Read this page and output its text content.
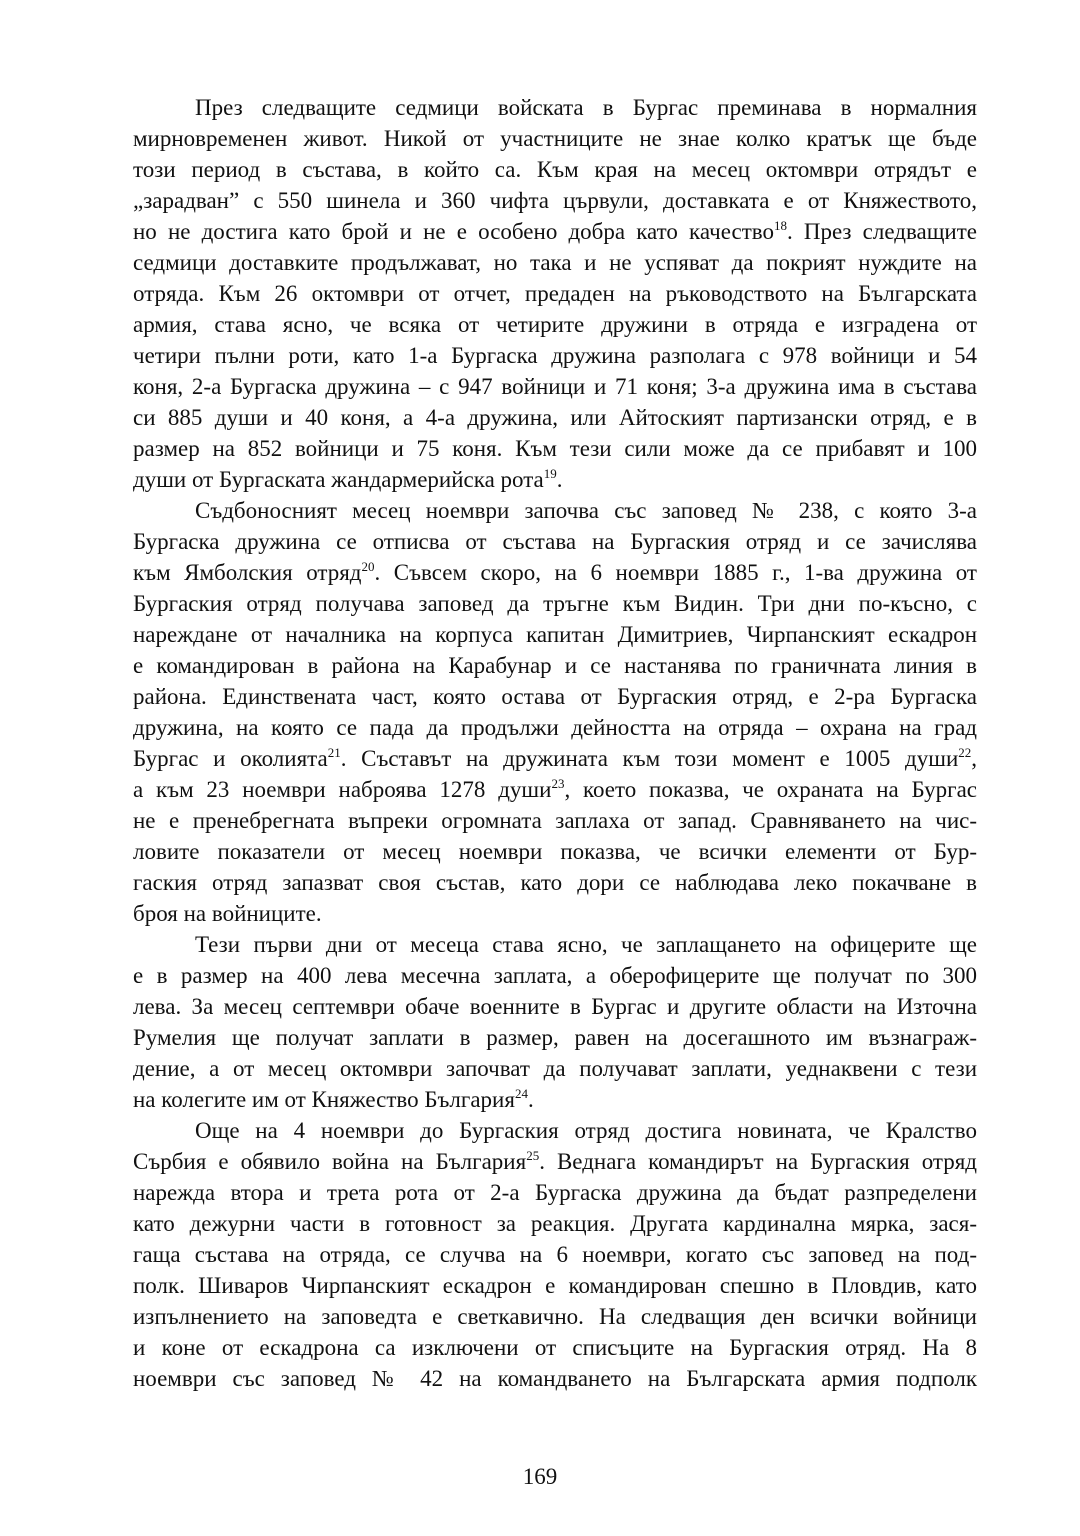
През следващите седмици войската в Бургас преминава в нормалния
мирновременен живот. Никой от участниците не знае колко кратък ще бъде
този период в състава, в който са. Към края на месец октомври отрядът е
„зарадван” с 550 шинела и 360 чифта цървули, доставката е от Княжеството,
но не достига като брой и не е особено добра като качество$^{18}$. През следващите
седмици доставките продължават, но така и не успяват да покрият нуждите на
отряда. Към 26 октомври от отчет, предаден на ръководството на Българската
армия, става ясно, че всяка от четирите дружини в отряда е изградена от
четири пълни роти, като 1-а Бургаска дружина разполага с 978 войници и 54
коня, 2-а Бургаска дружина – с 947 войници и 71 коня; 3-а дружина има в състава
си 885 души и 40 коня, а 4-а дружина, или Айтоският партизански отряд, е в
размер на 852 войници и 75 коня. Към тези сили може да се прибавят и 100
души от Бургаската жандармерийска рота$^{19}$.
Съдбоносният месец ноември започва със заповед № 238, с която 3-а
Бургаска дружина се отписва от състава на Бургаския отряд и се зачислява
към Ямболския отряд$^{20}$. Съвсем скоро, на 6 ноември 1885 г., 1-ва дружина от
Бургаския отряд получава заповед да тръгне към Видин. Три дни по-късно, с
нареждане от началника на корпуса капитан Димитриев, Чирпанският ескадрон
е командирован в района на Карабунар и се настанява по граничната линия в
района. Единствената част, която остава от Бургаския отряд, е 2-ра Бургаска
дружина, на която се пада да продължи дейността на отряда – охрана на град
Бургас и околията$^{21}$. Съставът на дружината към този момент е 1005 души$^{22}$,
а към 23 ноември наброява 1278 души$^{23}$, което показва, че охраната на Бургас
не е пренебрегната въпреки огромната заплаха от запад. Сравняването на чис-
ловите показатели от месец ноември показва, че всички елементи от Бур-
гаския отряд запазват своя състав, като дори се наблюдава леко покачване в
броя на войниците.
Тези първи дни от месеца става ясно, че заплащането на офицерите ще
е в размер на 400 лева месечна заплата, а оберофицерите ще получат по 300
лева. За месец септември обаче военните в Бургас и другите области на Източна
Румелия ще получат заплати в размер, равен на досегашното им възнаграж-
дение, а от месец октомври започват да получават заплати, уеднаквени с тези
на колегите им от Княжество България$^{24}$.
Още на 4 ноември до Бургаския отряд достига новината, че Кралство
Сърбия е обявило война на България$^{25}$. Веднага командирът на Бургаския отряд
нарежда втора и трета рота от 2-а Бургаска дружина да бъдат разпределени
като дежурни части в готовност за реакция. Другата кардинална мярка, зася-
гаща състава на отряда, се случва на 6 ноември, когато със заповед на под-
полк. Шиваров Чирпанският ескадрон е командирован спешно в Пловдив, като
изпълнението на заповедта е светкавично. На следващия ден всички войници
и коне от ескадрона са изключени от списъците на Бургаския отряд. На 8
ноември със заповед № 42 на командването на Българската армия подполк
169
